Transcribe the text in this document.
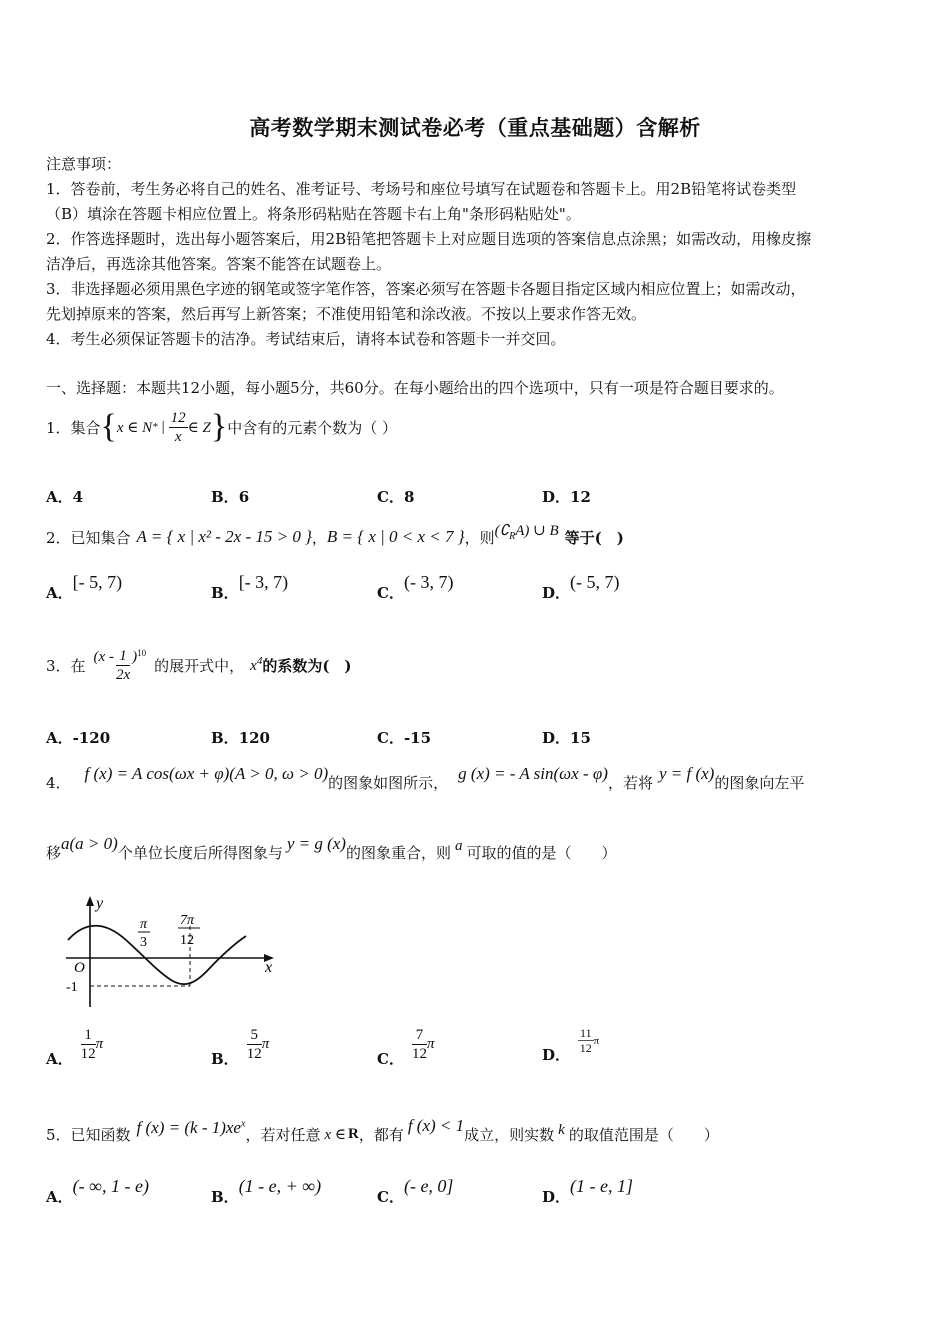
高考数学期末测试卷必考（重点基础题）含解析

注意事项：

1．答卷前，考生务必将自己的姓名、准考证号、考场号和座位号填写在试题卷和答题卡上。用2B铅笔将试卷类型

（B）填涂在答题卡相应位置上。将条形码粘贴在答题卡右上角"条形码粘贴处"。

2．作答选择题时，选出每小题答案后，用2B铅笔把答题卡上对应题目选项的答案信息点涂黑；如需改动，用橡皮擦

洁净后，再选涂其他答案。答案不能答在试题卷上。

3．非选择题必须用黑色字迹的钢笔或签字笔作答，答案必须写在答题卡各题目指定区域内相应位置上；如需改动，

先划掉原来的答案，然后再写上新答案；不准使用铅笔和涂改液。不按以上要求作答无效。

4．考生必须保证答题卡的洁净。考试结束后，请将本试卷和答题卡一并交回。

一、选择题：本题共12小题，每小题5分，共60分。在每小题给出的四个选项中，只有一项是符合题目要求的。
1．集合 { x ∈ N * | $\frac{12}{x}$ ∈ Z } 中含有的元素个数为（ ）
A．4	B．6	C．8	D．12
2．已知集合 A = { x | x² - 2x - 15 > 0 } ， B = { x | 0 < x < 7 } ，则 $(∁_RA)$ ∪ B 等于(　)
A．[- 5, 7)
B．[- 3, 7)
C．(- 3, 7)
D．(- 5, 7)
3．在 ($x - \frac{1}{2x}$ ) 10
的展开式中， $x^4$ 的系数为(　)
A．-120	B．120	C．-15	D．15
4． f (x) = A cos(ωx + φ)(A > 0, ω > 0) 的图象如图所示， g (x) = - A sin(ωx - φ) ，若将 y = f (x) 的图象向左平
移 a(a > 0) 个单位长度后所得图象与 y = g (x) 的图象重合，则 a 可取的值的是（　　）
y
x
O
-1
π
3
7π
12
A． $\frac{1}{12}$ π
B． $\frac{5}{12}$ π
C． $\frac{7}{12}$ π
D． $\frac{11}{12}$ π
5．已知函数 f $(x) = (k - 1)xe^x$
，若对任意 x ∈ R ，都有 f (x) < 1 成立，则实数 k 的取值范围是（　　）
A．(- ∞, 1 - e)
B．(1 - e, + ∞)
C．(- e, 0]
D．(1 - e, 1]
